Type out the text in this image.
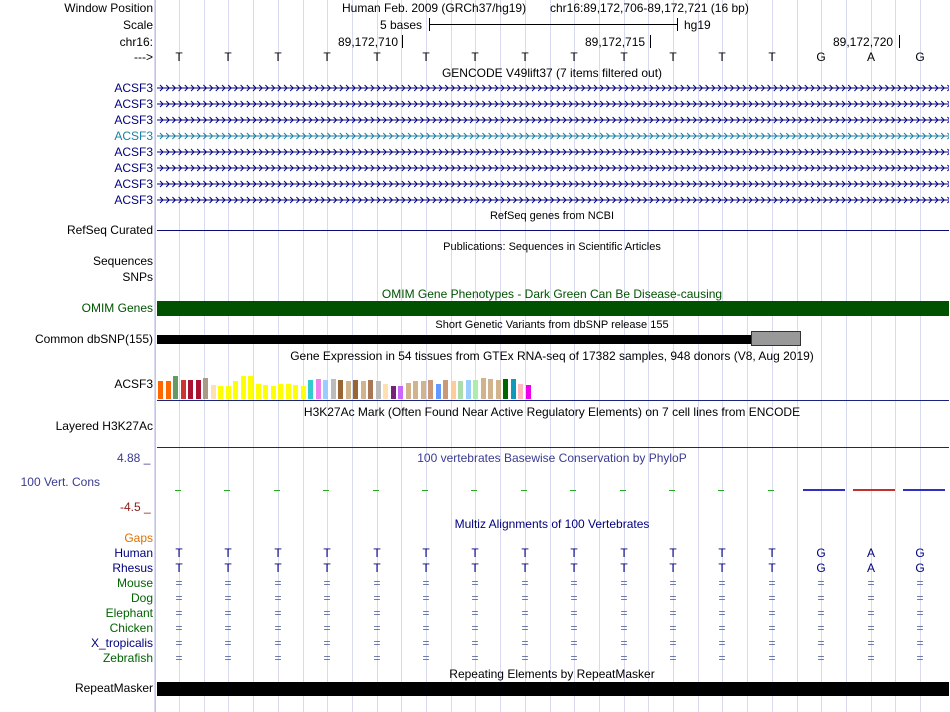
Window Position	Human Feb. 2009 (GRCh37/hg19) chr16:89,172,706-89,172,721 (16 bp)
Scale	5 bases	hg19
chr16:	89,172,710	89,172,715	89,172,720
---> T	T	T	T	T	T	T	T	T	T	T	T	T	G	A	G
GENCODE V49lift37 (7 items filtered out)
ACSF3
ACSF3
ACSF3
ACSF3
ACSF3
ACSF3
ACSF3
ACSF3
RefSeq genes from NCBI
RefSeq Curated
Publications: Sequences in Scientific Articles
Sequences
SNPs
OMIM Gene Phenotypes - Dark Green Can Be Disease-causing
OMIM Genes
Short Genetic Variants from dbSNP release 155
Common dbSNP(155)
Gene Expression in 54 tissues from GTEx RNA-seq of 17382 samples, 948 donors (V8, Aug 2019)
ACSF3
H3K27Ac Mark (Often Found Near Active Regulatory Elements) on 7 cell lines from ENCODE
Layered H3K27Ac
100 vertebrates Basewise Conservation by PhyloP
4.88 _
100 Vert. Cons
-4.5 _
Multiz Alignments of 100 Vertebrates
Gaps
Human T	T	T	T	T	T	T	T	T	T	T	T	T	G	A	G
Rhesus T	T	T	T	T	T	T	T	T	T	T	T	T	G	A	G
Mouse =	=	=	=	=	=	=	=	=	=	=	=	=	=	=	=
Dog =	=	=	=	=	=	=	=	=	=	=	=	=	=	=	=
Elephant =	=	=	=	=	=	=	=	=	=	=	=	=	=	=	=
Chicken =	=	=	=	=	=	=	=	=	=	=	=	=	=	=	=
X_tropicalis =	=	=	=	=	=	=	=	=	=	=	=	=	=	=	=
Zebrafish =	=	=	=	=	=	=	=	=	=	=	=	=	=	=	=
Repeating Elements by RepeatMasker
RepeatMasker
